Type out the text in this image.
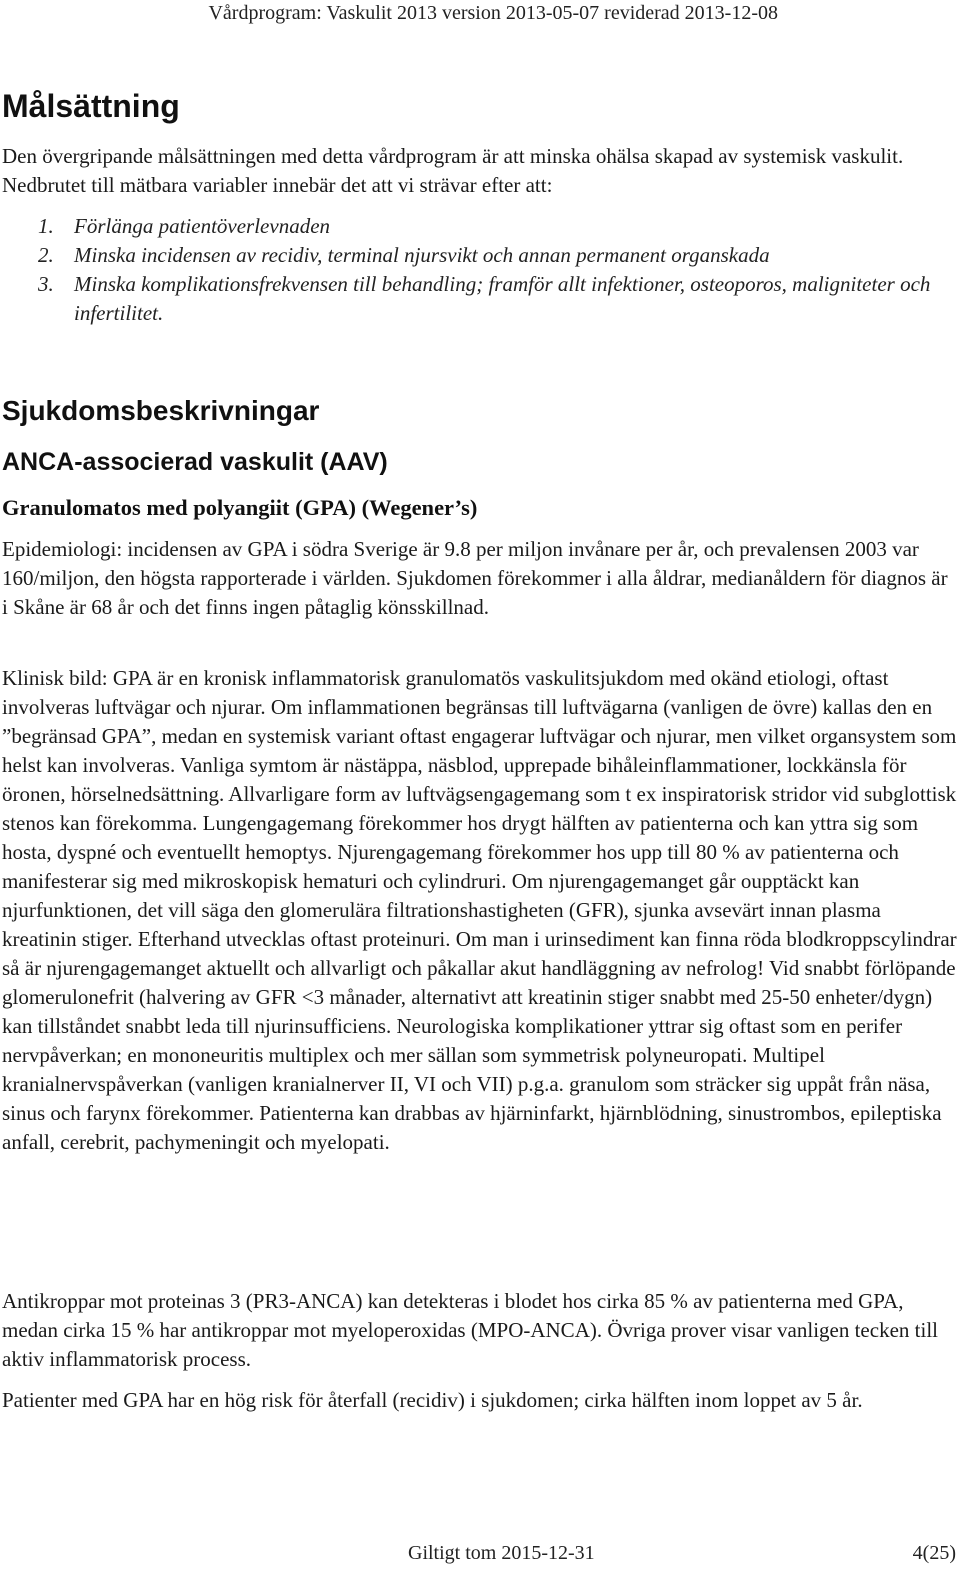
Vårdprogram: Vaskulit 2013 version 2013-05-07 reviderad 2013-12-08
Målsättning

Den övergripande målsättningen med detta vårdprogram är att minska ohälsa skapad av systemisk vaskulit. Nedbrutet till mätbara variabler innebär det att vi strävar efter att:

1. Förlänga patientöverlevnaden
2. Minska incidensen av recidiv, terminal njursvikt och annan permanent organskada
3. Minska komplikationsfrekvensen till behandling; framför allt infektioner, osteoporos, maligniteter och infertilitet.
Sjukdomsbeskrivningar
ANCA-associerad vaskulit (AAV)
Granulomatos med polyangiit (GPA) (Wegener’s)

Epidemiologi: incidensen av GPA i södra Sverige är 9.8 per miljon invånare per år, och prevalensen 2003 var 160/miljon, den högsta rapporterade i världen. Sjukdomen förekommer i alla åldrar, medianåldern för diagnos är i Skåne är 68 år och det finns ingen påtaglig könsskillnad.

Klinisk bild: GPA är en kronisk inflammatorisk granulomatös vaskulitsjukdom med okänd etiologi, oftast involveras luftvägar och njurar. Om inflammationen begränsas till luftvägarna (vanligen de övre) kallas den en ”begränsad GPA”, medan en systemisk variant oftast engagerar luftvägar och njurar, men vilket organsystem som helst kan involveras. Vanliga symtom är nästäppa, näsblod, upprepade bihåleinflammationer, lockkänsla för öronen, hörselnedsättning. Allvarligare form av luftvägsengagemang som t ex inspiratorisk stridor vid subglottisk stenos kan förekomma. Lungengagemang förekommer hos drygt hälften av patienterna och kan yttra sig som hosta, dyspné och eventuellt hemoptys. Njurengagemang förekommer hos upp till 80 % av patienterna och manifesterar sig med mikroskopisk hematuri och cylindruri. Om njurengagemanget går oupptäckt kan njurfunktionen, det vill säga den glomerulära filtrationshastigheten (GFR), sjunka avsevärt innan plasma kreatinin stiger. Efterhand utvecklas oftast proteinuri. Om man i urinsediment kan finna röda blodkroppscylindrar så är njurengagemanget aktuellt och allvarligt och påkallar akut handläggning av nefrolog! Vid snabbt förlöpande glomerulonefrit (halvering av GFR <3 månader, alternativt att kreatinin stiger snabbt med 25-50 enheter/dygn) kan tillståndet snabbt leda till njurinsufficiens. Neurologiska komplikationer yttrar sig oftast som en perifer nervpåverkan; en mononeuritis multiplex och mer sällan som symmetrisk polyneuropati. Multipel kranialnervspåverkan (vanligen kranialnerver II, VI och VII) p.g.a. granulom som sträcker sig uppåt från näsa, sinus och farynx förekommer. Patienterna kan drabbas av hjärninfarkt, hjärnblödning, sinustrombos, epileptiska anfall, cerebrit, pachymeningit och myelopati.

Antikroppar mot proteinas 3 (PR3-ANCA) kan detekteras i blodet hos cirka 85 % av patienterna med GPA, medan cirka 15 % har antikroppar mot myeloperoxidas (MPO-ANCA). Övriga prover visar vanligen tecken till aktiv inflammatorisk process.

Patienter med GPA har en hög risk för återfall (recidiv) i sjukdomen; cirka hälften inom loppet av 5 år.

Giltigt tom 2015-12-31	4(25)
